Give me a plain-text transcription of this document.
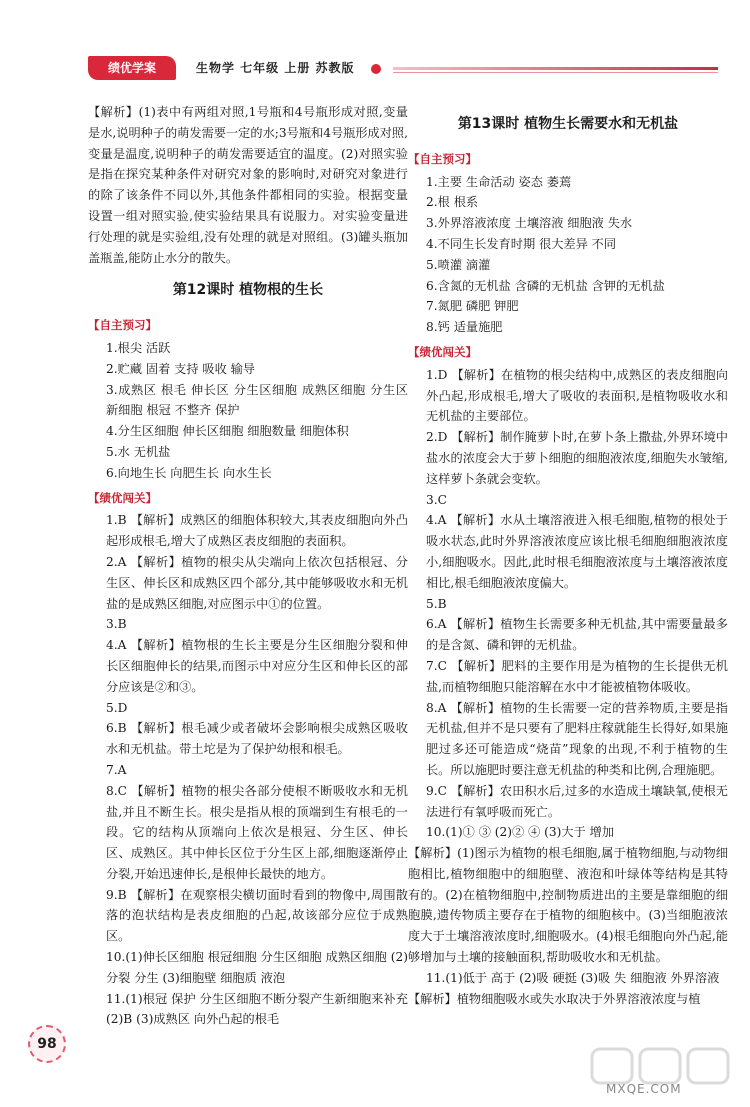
绩优学案	生物学 七年级 上册 苏教版
【解析】(1)表中有两组对照,1号瓶和4号瓶形成对照,变量是水,说明种子的萌发需要一定的水;3号瓶和4号瓶形成对照,变量是温度,说明种子的萌发需要适宜的温度。(2)对照实验是指在探究某种条件对研究对象的影响时,对研究对象进行的除了该条件不同以外,其他条件都相同的实验。根据变量设置一组对照实验,使实验结果具有说服力。对实验变量进行处理的就是实验组,没有处理的就是对照组。(3)罐头瓶加盖瓶盖,能防止水分的散失。
第12课时 植物根的生长
【自主预习】
1.根尖 活跃
2.贮藏 固着 支持 吸收 输导
3.成熟区 根毛 伸长区 分生区细胞 成熟区细胞 分生区 新细胞 根冠 不整齐 保护
4.分生区细胞 伸长区细胞 细胞数量 细胞体积
5.水 无机盐
6.向地生长 向肥生长 向水生长
【绩优闯关】
1.B 【解析】成熟区的细胞体积较大,其表皮细胞向外凸起形成根毛,增大了成熟区表皮细胞的表面积。
2.A 【解析】植物的根尖从尖端向上依次包括根冠、分生区、伸长区和成熟区四个部分,其中能够吸收水和无机盐的是成熟区细胞,对应图示中①的位置。
3.B
4.A 【解析】植物根的生长主要是分生区细胞分裂和伸长区细胞伸长的结果,而图示中对应分生区和伸长区的部分应该是②和③。
5.D
6.B 【解析】根毛减少或者破坏会影响根尖成熟区吸收水和无机盐。带土坨是为了保护幼根和根毛。
7.A
8.C 【解析】植物的根尖各部分使根不断吸收水和无机盐,并且不断生长。根尖是指从根的顶端到生有根毛的一段。它的结构从顶端向上依次是根冠、分生区、伸长区、成熟区。其中伸长区位于分生区上部,细胞逐渐停止分裂,开始迅速伸长,是根伸长最快的地方。
9.B 【解析】在观察根尖横切面时看到的物像中,周围散落的泡状结构是表皮细胞的凸起,故该部分应位于成熟区。
10.(1)伸长区细胞 根冠细胞 分生区细胞 成熟区细胞 (2)分裂 分生 (3)细胞壁 细胞质 液泡
11.(1)根冠 保护 分生区细胞不断分裂产生新细胞来补充 (2)B (3)成熟区 向外凸起的根毛
第13课时 植物生长需要水和无机盐
【自主预习】
1.主要 生命活动 姿态 萎蔫
2.根 根系
3.外界溶液浓度 土壤溶液 细胞液 失水
4.不同生长发育时期 很大差异 不同
5.喷灌 滴灌
6.含氮的无机盐 含磷的无机盐 含钾的无机盐
7.氮肥 磷肥 钾肥
8.钙 适量施肥
【绩优闯关】
1.D 【解析】在植物的根尖结构中,成熟区的表皮细胞向外凸起,形成根毛,增大了吸收的表面积,是植物吸收水和无机盐的主要部位。
2.D 【解析】制作腌萝卜时,在萝卜条上撒盐,外界环境中盐水的浓度会大于萝卜细胞的细胞液浓度,细胞失水皱缩,这样萝卜条就会变软。
3.C
4.A 【解析】水从土壤溶液进入根毛细胞,植物的根处于吸水状态,此时外界溶液浓度应该比根毛细胞细胞液浓度小,细胞吸水。因此,此时根毛细胞液浓度与土壤溶液浓度相比,根毛细胞液浓度偏大。
5.B
6.A 【解析】植物生长需要多种无机盐,其中需要量最多的是含氮、磷和钾的无机盐。
7.C 【解析】肥料的主要作用是为植物的生长提供无机盐,而植物细胞只能溶解在水中才能被植物体吸收。
8.A 【解析】植物的生长需要一定的营养物质,主要是指无机盐,但并不是只要有了肥料庄稼就能生长得好,如果施肥过多还可能造成“烧苗”现象的出现,不利于植物的生长。所以施肥时要注意无机盐的种类和比例,合理施肥。
9.C 【解析】农田积水后,过多的水造成土壤缺氧,使根无法进行有氧呼吸而死亡。
10.(1)① ③ (2)② ④ (3)大于 增加
【解析】(1)图示为植物的根毛细胞,属于植物细胞,与动物细胞相比,植物细胞中的细胞壁、液泡和叶绿体等结构是其特有的。(2)在植物细胞中,控制物质进出的主要是靠细胞的细胞膜,遗传物质主要存在于植物的细胞核中。(3)当细胞液浓度大于土壤溶液浓度时,细胞吸水。(4)根毛细胞向外凸起,能够增加与土壤的接触面积,帮助吸收水和无机盐。
11.(1)低于 高于 (2)吸 硬挺 (3)吸 失 细胞液 外界溶液
【解析】植物细胞吸水或失水取决于外界溶液浓度与植
98
MXQE.COM
